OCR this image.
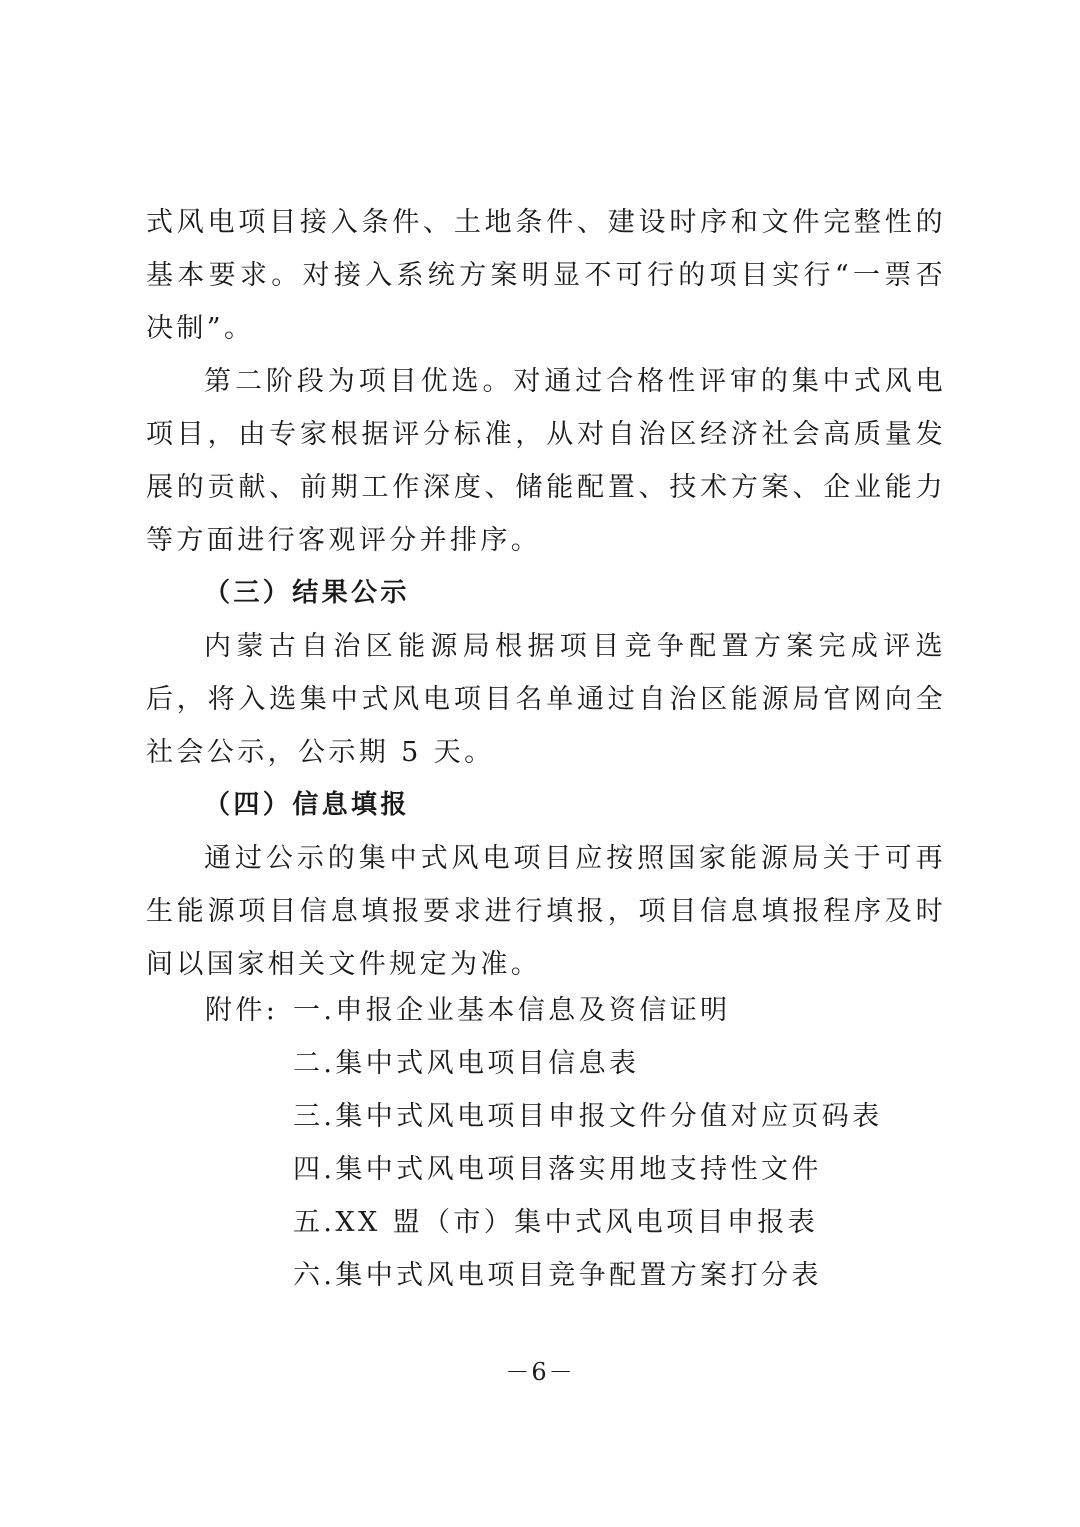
式风电项目接入条件、土地条件、建设时序和文件完整性的基本要求。对接入系统方案明显不可行的项目实行“一票否决制”。

第二阶段为项目优选。对通过合格性评审的集中式风电项目，由专家根据评分标准，从对自治区经济社会高质量发展的贡献、前期工作深度、储能配置、技术方案、企业能力等方面进行客观评分并排序。

（三）结果公示

内蒙古自治区能源局根据项目竞争配置方案完成评选后，将入选集中式风电项目名单通过自治区能源局官网向全社会公示，公示期 5 天。

（四）信息填报

通过公示的集中式风电项目应按照国家能源局关于可再生能源项目信息填报要求进行填报，项目信息填报程序及时间以国家相关文件规定为准。

附件: 一.申报企业基本信息及资信证明
二.集中式风电项目信息表
三.集中式风电项目申报文件分值对应页码表
四.集中式风电项目落实用地支持性文件
五.XX 盟（市）集中式风电项目申报表
六.集中式风电项目竞争配置方案打分表
－6－
